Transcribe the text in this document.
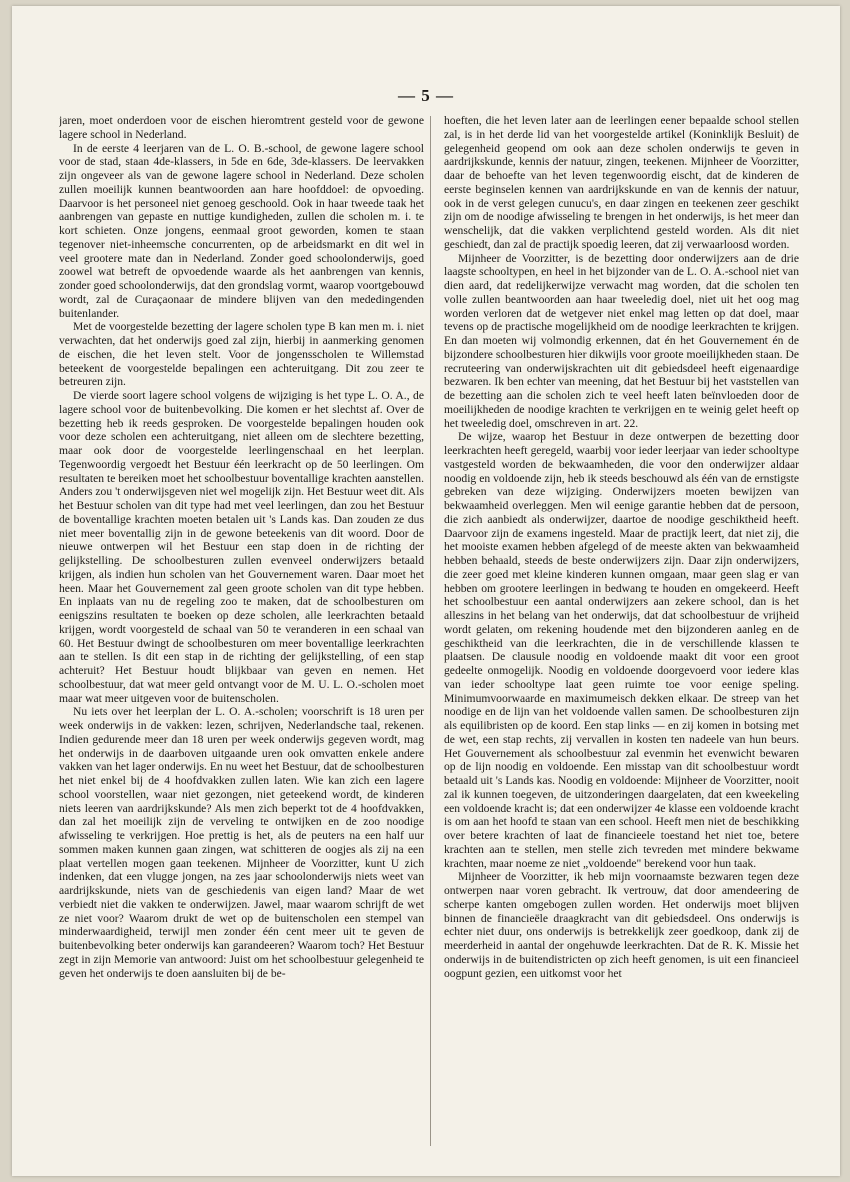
— 5 —

jaren, moet onderdoen voor de eischen hieromtrent gesteld voor de gewone lagere school in Nederland.

In de eerste 4 leerjaren van de L. O. B.-school, de gewone lagere school voor de stad, staan 4de-klassers, in 5de en 6de, 3de-klassers. De leervakken zijn ongeveer als van de gewone lagere school in Nederland. Deze scholen zullen moeilijk kunnen beantwoorden aan hare hoofddoel: de opvoeding. Daarvoor is het personeel niet genoeg geschoold. Ook in haar tweede taak het aanbrengen van gepaste en nuttige kundigheden, zullen die scholen m. i. te kort schieten. Onze jongens, eenmaal groot geworden, komen te staan tegenover niet-inheemsche concurrenten, op de arbeidsmarkt en dit wel in veel grootere mate dan in Nederland. Zonder goed schoolonderwijs, goed zoowel wat betreft de opvoedende waarde als het aanbrengen van kennis, zonder goed schoolonderwijs, dat den grondslag vormt, waarop voortgebouwd wordt, zal de Curaçaonaar de mindere blijven van den mededingenden buitenlander.

Met de voorgestelde bezetting der lagere scholen type B kan men m. i. niet verwachten, dat het onderwijs goed zal zijn, hierbij in aanmerking genomen de eischen, die het leven stelt. Voor de jongensscholen te Willemstad beteekent de voorgestelde bepalingen een achteruitgang. Dit zou zeer te betreuren zijn.

De vierde soort lagere school volgens de wijziging is het type L. O. A., de lagere school voor de buitenbevolking. Die komen er het slechtst af. Over de bezetting heb ik reeds gesproken. De voorgestelde bepalingen houden ook voor deze scholen een achteruitgang, niet alleen om de slechtere bezetting, maar ook door de voorgestelde leerlingenschaal en het leerplan. Tegenwoordig vergoedt het Bestuur één leerkracht op de 50 leerlingen. Om resultaten te bereiken moet het schoolbestuur boventallige krachten aanstellen. Anders zou 't onderwijsgeven niet wel mogelijk zijn. Het Bestuur weet dit. Als het Bestuur scholen van dit type had met veel leerlingen, dan zou het Bestuur de boventallige krachten moeten betalen uit 's Lands kas. Dan zouden ze dus niet meer boventallig zijn in de gewone beteekenis van dit woord. Door de nieuwe ontwerpen wil het Bestuur een stap doen in de richting der gelijkstelling. De schoolbesturen zullen evenveel onderwijzers betaald krijgen, als indien hun scholen van het Gouvernement waren. Daar moet het heen. Maar het Gouvernement zal geen groote scholen van dit type hebben. En inplaats van nu de regeling zoo te maken, dat de schoolbesturen om eenigszins resultaten te boeken op deze scholen, alle leerkrachten betaald krijgen, wordt voorgesteld de schaal van 50 te veranderen in een schaal van 60. Het Bestuur dwingt de schoolbesturen om meer boventallige leerkrachten aan te stellen. Is dit een stap in de richting der gelijkstelling, of een stap achteruit? Het Bestuur houdt blijkbaar van geven en nemen. Het schoolbestuur, dat wat meer geld ontvangt voor de M. U. L. O.-scholen moet maar wat meer uitgeven voor de buitenscholen.

Nu iets over het leerplan der L. O. A.-scholen; voorschrift is 18 uren per week onderwijs in de vakken: lezen, schrijven, Nederlandsche taal, rekenen. Indien gedurende meer dan 18 uren per week onderwijs gegeven wordt, mag het onderwijs in de daarboven uitgaande uren ook omvatten enkele andere vakken van het lager onderwijs. En nu weet het Bestuur, dat de schoolbesturen het niet enkel bij de 4 hoofdvakken zullen laten. Wie kan zich een lagere school voorstellen, waar niet gezongen, niet geteekend wordt, de kinderen niets leeren van aardrijkskunde? Als men zich beperkt tot de 4 hoofdvakken, dan zal het moeilijk zijn de verveling te ontwijken en de zoo noodige afwisseling te verkrijgen. Hoe prettig is het, als de peuters na een half uur sommen maken kunnen gaan zingen, wat schitteren de oogjes als zij na een plaat vertellen mogen gaan teekenen. Mijnheer de Voorzitter, kunt U zich indenken, dat een vlugge jongen, na zes jaar schoolonderwijs niets weet van aardrijkskunde, niets van de geschiedenis van eigen land? Maar de wet verbiedt niet die vakken te onderwijzen. Jawel, maar waarom schrijft de wet ze niet voor? Waarom drukt de wet op de buitenscholen een stempel van minderwaardigheid, terwijl men zonder één cent meer uit te geven de buitenbevolking beter onderwijs kan garandeeren? Waarom toch? Het Bestuur zegt in zijn Memorie van antwoord: Juist om het schoolbestuur gelegenheid te geven het onderwijs te doen aansluiten bij de be-

hoeften, die het leven later aan de leerlingen eener bepaalde school stellen zal, is in het derde lid van het voorgestelde artikel (Koninklijk Besluit) de gelegenheid geopend om ook aan deze scholen onderwijs te geven in aardrijkskunde, kennis der natuur, zingen, teekenen. Mijnheer de Voorzitter, daar de behoefte van het leven tegenwoordig eischt, dat de kinderen de eerste beginselen kennen van aardrijkskunde en van de kennis der natuur, ook in de verst gelegen cunucu's, en daar zingen en teekenen zeer geschikt zijn om de noodige afwisseling te brengen in het onderwijs, is het meer dan wenschelijk, dat die vakken verplichtend gesteld worden. Als dit niet geschiedt, dan zal de practijk spoedig leeren, dat zij verwaarloosd worden.

Mijnheer de Voorzitter, is de bezetting door onderwijzers aan de drie laagste schooltypen, en heel in het bijzonder van de L. O. A.-school niet van dien aard, dat redelijkerwijze verwacht mag worden, dat die scholen ten volle zullen beantwoorden aan haar tweeledig doel, niet uit het oog mag worden verloren dat de wetgever niet enkel mag letten op dat doel, maar tevens op de practische mogelijkheid om de noodige leerkrachten te krijgen. En dan moeten wij volmondig erkennen, dat én het Gouvernement én de bijzondere schoolbesturen hier dikwijls voor groote moeilijkheden staan. De recruteering van onderwijskrachten uit dit gebiedsdeel heeft eigenaardige bezwaren. Ik ben echter van meening, dat het Bestuur bij het vaststellen van de bezetting aan die scholen zich te veel heeft laten beïnvloeden door de moeilijkheden de noodige krachten te verkrijgen en te weinig gelet heeft op het tweeledig doel, omschreven in art. 22.

De wijze, waarop het Bestuur in deze ontwerpen de bezetting door leerkrachten heeft geregeld, waarbij voor ieder leerjaar van ieder schooltype vastgesteld worden de bekwaamheden, die voor den onderwijzer aldaar noodig en voldoende zijn, heb ik steeds beschouwd als één van de ernstigste gebreken van deze wijziging. Onderwijzers moeten bewijzen van bekwaamheid overleggen. Men wil eenige garantie hebben dat de persoon, die zich aanbiedt als onderwijzer, daartoe de noodige geschiktheid heeft. Daarvoor zijn de examens ingesteld. Maar de practijk leert, dat niet zij, die het mooiste examen hebben afgelegd of de meeste akten van bekwaamheid hebben behaald, steeds de beste onderwijzers zijn. Daar zijn onderwijzers, die zeer goed met kleine kinderen kunnen omgaan, maar geen slag er van hebben om grootere leerlingen in bedwang te houden en omgekeerd. Heeft het schoolbestuur een aantal onderwijzers aan zekere school, dan is het alleszins in het belang van het onderwijs, dat dat schoolbestuur de vrijheid wordt gelaten, om rekening houdende met den bijzonderen aanleg en de geschiktheid van die leerkrachten, die in de verschillende klassen te plaatsen. De clausule noodig en voldoende maakt dit voor een groot gedeelte onmogelijk. Noodig en voldoende doorgevoerd voor iedere klas van ieder schooltype laat geen ruimte toe voor eenige speling. Minimumvoorwaarde en maximumeisch dekken elkaar. De streep van het noodige en de lijn van het voldoende vallen samen. De schoolbesturen zijn als equilibristen op de koord. Een stap links — en zij komen in botsing met de wet, een stap rechts, zij vervallen in kosten ten nadeele van hun beurs. Het Gouvernement als schoolbestuur zal evenmin het evenwicht bewaren op de lijn noodig en voldoende. Een misstap van dit schoolbestuur wordt betaald uit 's Lands kas. Noodig en voldoende: Mijnheer de Voorzitter, nooit zal ik kunnen toegeven, de uitzonderingen daargelaten, dat een kweekeling een voldoende kracht is; dat een onderwijzer 4e klasse een voldoende kracht is om aan het hoofd te staan van een school. Heeft men niet de beschikking over betere krachten of laat de financieele toestand het niet toe, betere krachten aan te stellen, men stelle zich tevreden met mindere bekwame krachten, maar noeme ze niet „voldoende" berekend voor hun taak.

Mijnheer de Voorzitter, ik heb mijn voornaamste bezwaren tegen deze ontwerpen naar voren gebracht. Ik vertrouw, dat door amendeering de scherpe kanten omgebogen zullen worden. Het onderwijs moet blijven binnen de financieële draagkracht van dit gebiedsdeel. Ons onderwijs is echter niet duur, ons onderwijs is betrekkelijk zeer goedkoop, dank zij de meerderheid in aantal der ongehuwde leerkrachten. Dat de R. K. Missie het onderwijs in de buitendistricten op zich heeft genomen, is uit een financieel oogpunt gezien, een uitkomst voor het
